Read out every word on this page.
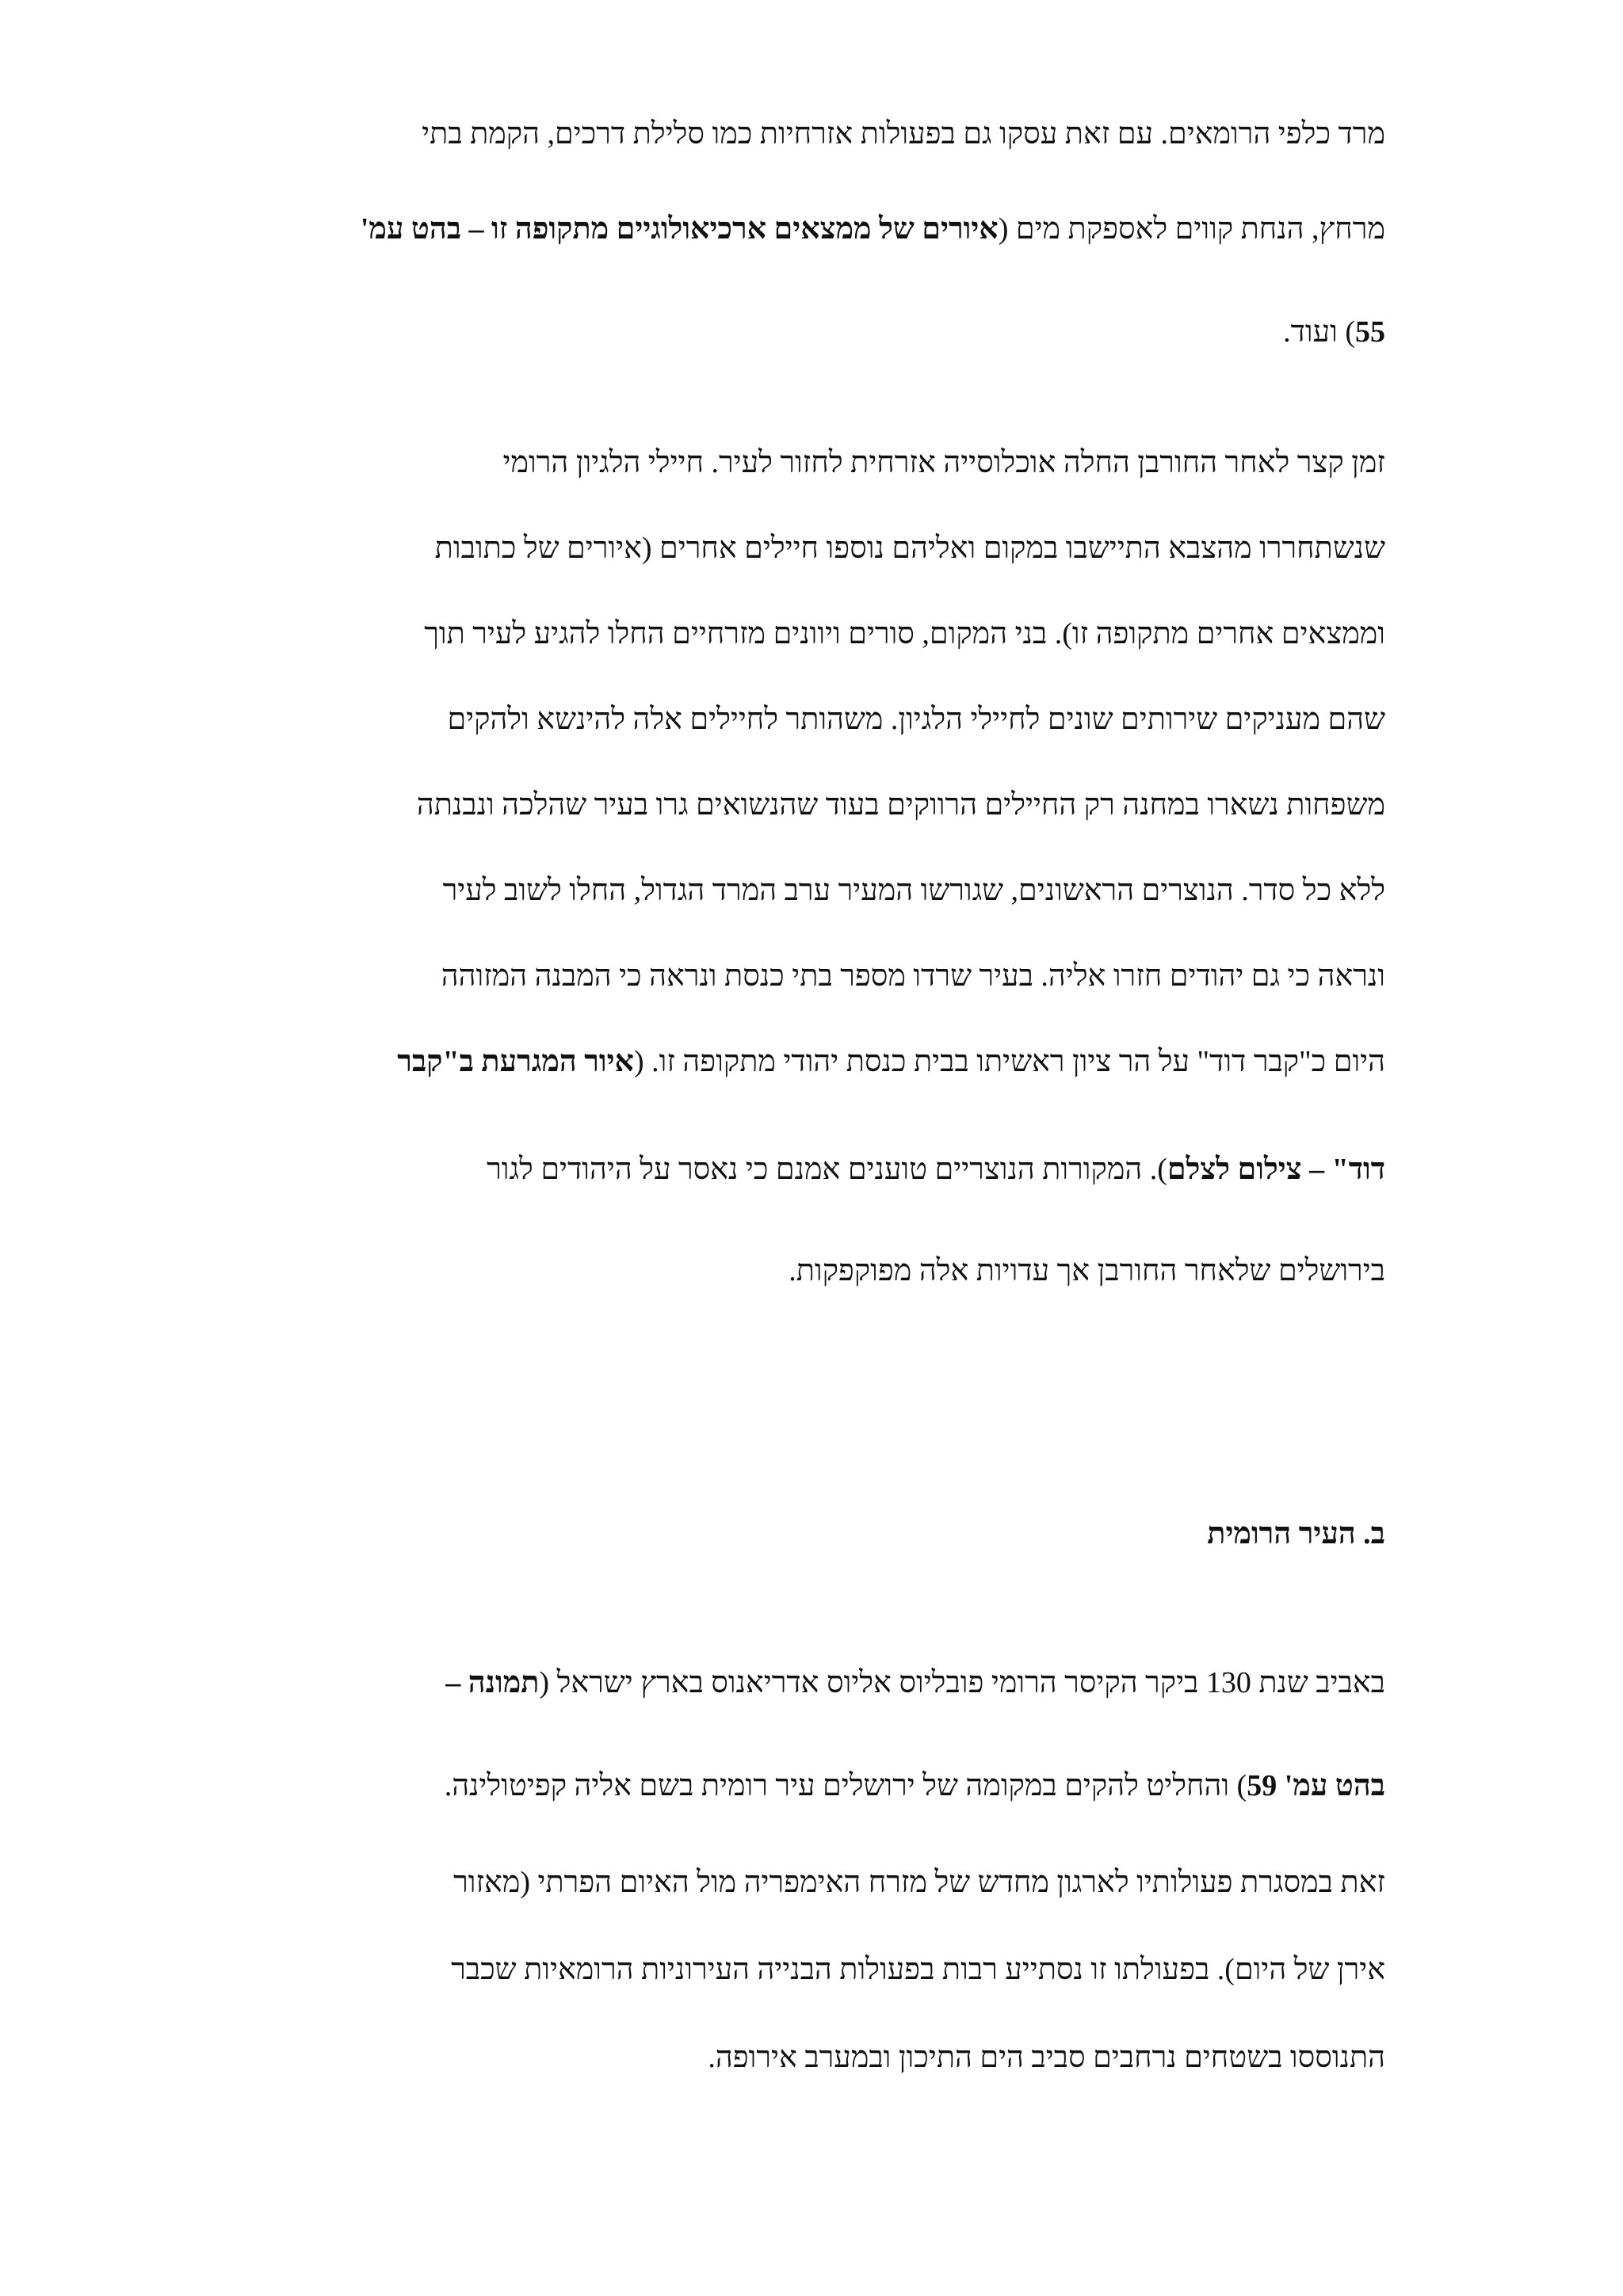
מרד כלפי הרומאים. עם זאת עסקו גם בפעולות אזרחיות כמו סלילת דרכים, הקמת בתי
מרחץ, הנחת קווים לאספקת מים (איורים של ממצאים ארכיאולוגיים מתקופה זו – בהט עמ'
55) ועוד.
זמן קצר לאחר החורבן החלה אוכלוסייה אזרחית לחזור לעיר. חיילי הלגיון הרומי
שנשתחררו מהצבא התיישבו במקום ואליהם נוספו חיילים אחרים (איורים של כתובות
וממצאים אחרים מתקופה זו). בני המקום, סורים ויוונים מזרחיים החלו להגיע לעיר תוך
שהם מעניקים שירותים שונים לחיילי הלגיון. משהותר לחיילים אלה להינשא ולהקים
משפחות נשארו במחנה רק החיילים הרווקים בעוד שהנשואים גרו בעיר שהלכה ונבנתה
ללא כל סדר. הנוצרים הראשונים, שגורשו המעיר ערב המרד הגדול, החלו לשוב לעיר
ונראה כי גם יהודים חזרו אליה. בעיר שרדו מספר בתי כנסת ונראה כי המבנה המזוהה
היום כ"קבר דוד" על הר ציון ראשיתו בבית כנסת יהודי מתקופה זו. (איור המגרעת ב"קבר
דוד" – צילום לצלם). המקורות הנוצריים טוענים אמנם כי נאסר על היהודים לגור
בירושלים שלאחר החורבן אך עדויות אלה מפוקפקות.
ב. העיר הרומית
באביב שנת 130 ביקר הקיסר הרומי פובליוס אליוס אדריאנוס בארץ ישראל (תמונה –
בהט עמ' 59) והחליט להקים במקומה של ירושלים עיר רומית בשם אליה קפיטולינה.
זאת במסגרת פעולותיו לארגון מחדש של מזרח האימפריה מול האיום הפרתי (מאזור
אירן של היום). בפעולתו זו נסתייע רבות בפעולות הבנייה העירוניות הרומאיות שכבר
התנוססו בשטחים נרחבים סביב הים התיכון ובמערב אירופה.
